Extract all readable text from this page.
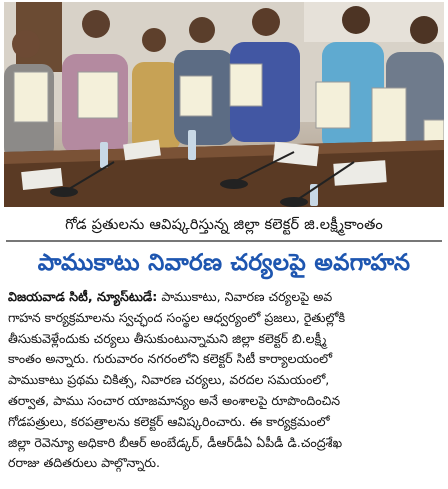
గోడ ప్రతులను ఆవిష్కరిస్తున్న జిల్లా కలెక్టర్ జి.లక్ష్మీకాంతం
పాముకాటు నివారణ చర్యలపై అవగాహన
విజయవాడ సిటీ, న్యూస్‌టుడే: పాముకాటు, నివారణ చర్యలపై అవ
గాహన కార్యక్రమాలను స్వచ్ఛంద సంస్థల ఆధ్వర్యంలో ప్రజలు, రైతుల్లోకి
తీసుకువెళ్లేందుకు చర్యలు తీసుకుంటున్నామని జిల్లా కలెక్టర్ బి.లక్ష్మీ
కాంతం అన్నారు. గురువారం నగరంలోని కలెక్టర్ సిటీ కార్యాలయంలో
పాముకాటు ప్రథమ చికిత్స, నివారణ చర్యలు, వరదల సమయంలో,
తర్వాత, పాము సంచార యాజమాన్యం అనే అంశాలపై రూపొందించిన
గోడపత్రులు, కరపత్రాలను కలెక్టర్ ఆవిష్కరించారు. ఈ కార్యక్రమంలో
జిల్లా రెవెన్యూ అధికారి బీఆర్ అంబేడ్కర్, డీఆర్‌డీఏ ఏపీడీ డి.చంద్రశేఖ
రరాజు తదితరులు పాల్గొన్నారు.
